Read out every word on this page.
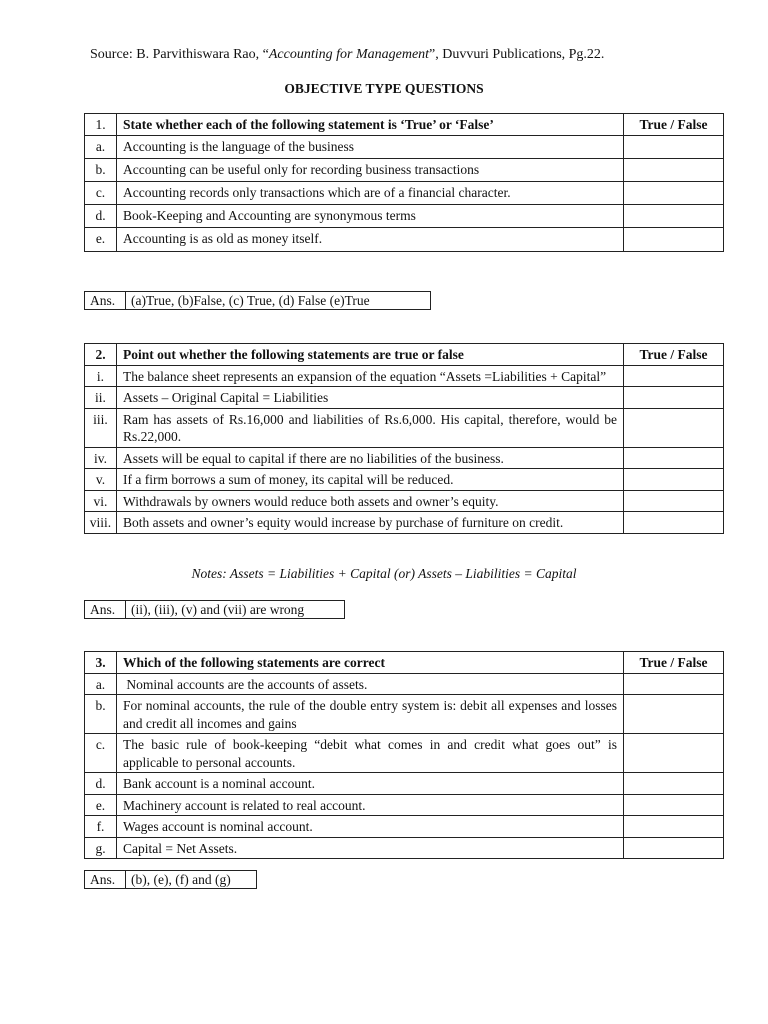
Source: B. Parvithiswara Rao, “Accounting for Management”, Duvvuri Publications, Pg.22.
OBJECTIVE TYPE QUESTIONS
1.	State whether each of the following statement is ‘True’ or ‘False’	True / False
a.	Accounting is the language of the business	
b.	Accounting can be useful only for recording business transactions	
c.	Accounting records only transactions which are of a financial character.	
d.	Book-Keeping and Accounting are synonymous terms	
e.	Accounting is as old as money itself.	
Ans.	(a)True, (b)False, (c) True, (d) False (e)True
2.	Point out whether the following statements are true or false	True / False
i.	The balance sheet represents an expansion of the equation “Assets =Liabilities + Capital”	
ii.	Assets – Original Capital = Liabilities	
iii.	Ram has assets of Rs.16,000 and liabilities of Rs.6,000. His capital, therefore, would be Rs.22,000.	
iv.	Assets will be equal to capital if there are no liabilities of the business.	
v.	If a firm borrows a sum of money, its capital will be reduced.	
vi.	Withdrawals by owners would reduce both assets and owner’s equity.	
viii.	Both assets and owner’s equity would increase by purchase of furniture on credit.	
Notes: Assets = Liabilities + Capital (or) Assets – Liabilities = Capital
Ans.	(ii), (iii), (v) and (vii) are wrong
3.	Which of the following statements are correct	True / False
a.	Nominal accounts are the accounts of assets.	
b.	For nominal accounts, the rule of the double entry system is: debit all expenses and losses and credit all incomes and gains	
c.	The basic rule of book-keeping “debit what comes in and credit what goes out” is applicable to personal accounts.	
d.	Bank account is a nominal account.	
e.	Machinery account is related to real account.	
f.	Wages account is nominal account.	
g.	Capital = Net Assets.	
Ans.	(b), (e), (f) and (g)
